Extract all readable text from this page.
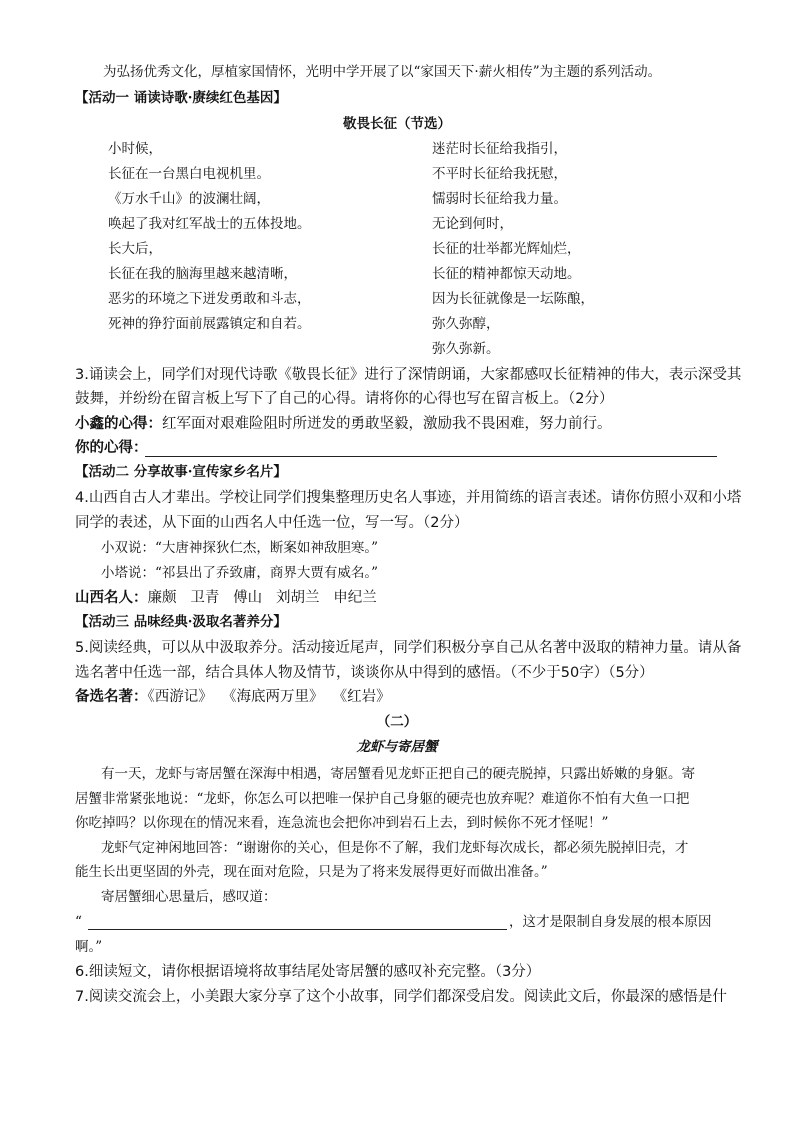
为弘扬优秀文化，厚植家国情怀，光明中学开展了以“家国天下·薪火相传”为主题的系列活动。
【活动一 诵读诗歌·赓续红色基因】
敬畏长征（节选）
小时候，
长征在一台黑白电视机里。
《万水千山》的波澜壮阔，
唤起了我对红军战士的五体投地。
长大后，
长征在我的脑海里越来越清晰，
恶劣的环境之下迸发勇敢和斗志，
死神的狰狞面前展露镇定和自若。
迷茫时长征给我指引，
不平时长征给我抚慰，
懦弱时长征给我力量。
无论到何时，
长征的壮举都光辉灿烂，
长征的精神都惊天动地。
因为长征就像是一坛陈酿，
弥久弥醇，
弥久弥新。
3.诵读会上，同学们对现代诗歌《敬畏长征》进行了深情朗诵，大家都感叹长征精神的伟大，表示深受其
鼓舞，并纷纷在留言板上写下了自己的心得。请将你的心得也写在留言板上。（2分）
小鑫的心得：红军面对艰难险阻时所迸发的勇敢坚毅，激励我不畏困难，努力前行。
你的心得：
【活动二 分享故事·宣传家乡名片】
4.山西自古人才辈出。学校让同学们搜集整理历史名人事迹，并用简练的语言表述。请你仿照小双和小塔
同学的表述，从下面的山西名人中任选一位，写一写。（2分）
小双说：“大唐神探狄仁杰，断案如神敌胆寒。”
小塔说：“祁县出了乔致庸，商界大贾有威名。”
山西名人：廉颇   卫青   傅山   刘胡兰   申纪兰
【活动三 品味经典·汲取名著养分】
5.阅读经典，可以从中汲取养分。活动接近尾声，同学们积极分享自己从名著中汲取的精神力量。请从备
选名著中任选一部，结合具体人物及情节，谈谈你从中得到的感悟。（不少于50字）（5分）
备选名著：《西游记》  《海底两万里》  《红岩》
（二）
龙虾与寄居蟹
有一天，龙虾与寄居蟹在深海中相遇，寄居蟹看见龙虾正把自己的硬壳脱掉，只露出娇嫩的身躯。寄
居蟹非常紧张地说：“龙虾，你怎么可以把唯一保护自己身躯的硬壳也放弃呢？难道你不怕有大鱼一口把
你吃掉吗？以你现在的情况来看，连急流也会把你冲到岩石上去，到时候你不死才怪呢！”
龙虾气定神闲地回答：“谢谢你的关心，但是你不了解，我们龙虾每次成长，都必须先脱掉旧壳，才
能生长出更坚固的外壳，现在面对危险，只是为了将来发展得更好而做出准备。”
寄居蟹细心思量后，感叹道：
“	，这才是限制自身发展的根本原因
啊。”
6.细读短文，请你根据语境将故事结尾处寄居蟹的感叹补充完整。（3分）
7.阅读交流会上，小美跟大家分享了这个小故事，同学们都深受启发。阅读此文后，你最深的感悟是什
